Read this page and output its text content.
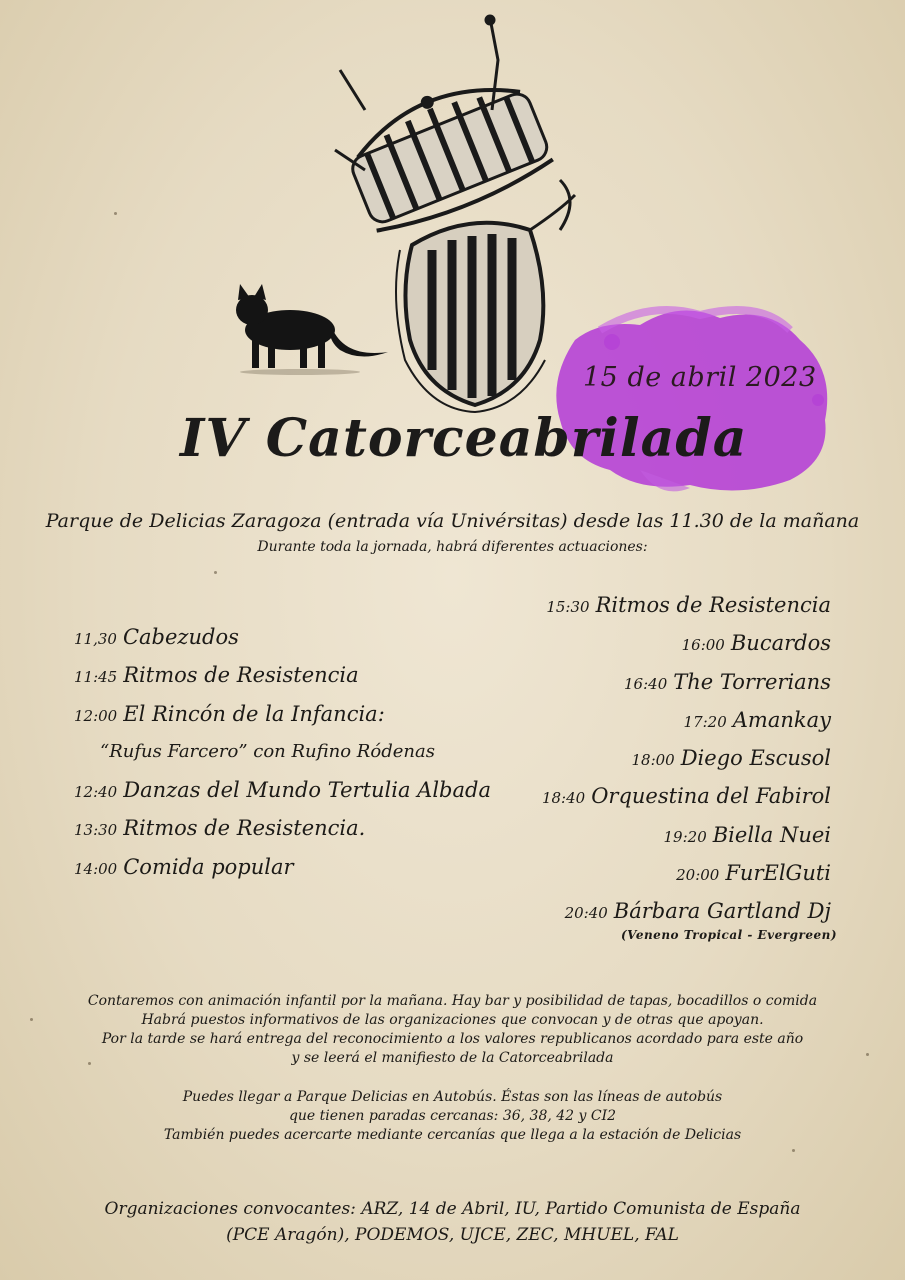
15 de abril 2023
IV Catorceabrilada
Parque de Delicias Zaragoza (entrada vía Univérsitas) desde las 11.30 de la mañana
Durante toda la jornada, habrá diferentes actuaciones:
11,30 Cabezudos
11:45 Ritmos de Resistencia
12:00 El Rincón de la Infancia:
“Rufus Farcero” con Rufino Ródenas
12:40 Danzas del Mundo Tertulia Albada
13:30 Ritmos de Resistencia.
14:00 Comida popular
15:30 Ritmos de Resistencia
16:00 Bucardos
16:40 The Torrerians
17:20 Amankay
18:00 Diego Escusol
18:40 Orquestina del Fabirol
19:20 Biella Nuei
20:00 FurElGuti
20:40 Bárbara Gartland Dj
(Veneno Tropical - Evergreen)
Contaremos con animación infantil por la mañana. Hay bar y posibilidad de tapas, bocadillos o comida
Habrá puestos informativos de las organizaciones que convocan y de otras que apoyan.
Por la tarde se hará entrega del reconocimiento a los valores republicanos acordado para este año
y se leerá el manifiesto de la Catorceabrilada
Puedes llegar a Parque Delicias en Autobús. Éstas son las líneas de autobús
que tienen paradas cercanas: 36, 38, 42 y CI2
También puedes acercarte mediante cercanías que llega a la estación de Delicias
Organizaciones convocantes: ARZ, 14 de Abril, IU, Partido Comunista de España
(PCE Aragón), PODEMOS, UJCE, ZEC, MHUEL, FAL
